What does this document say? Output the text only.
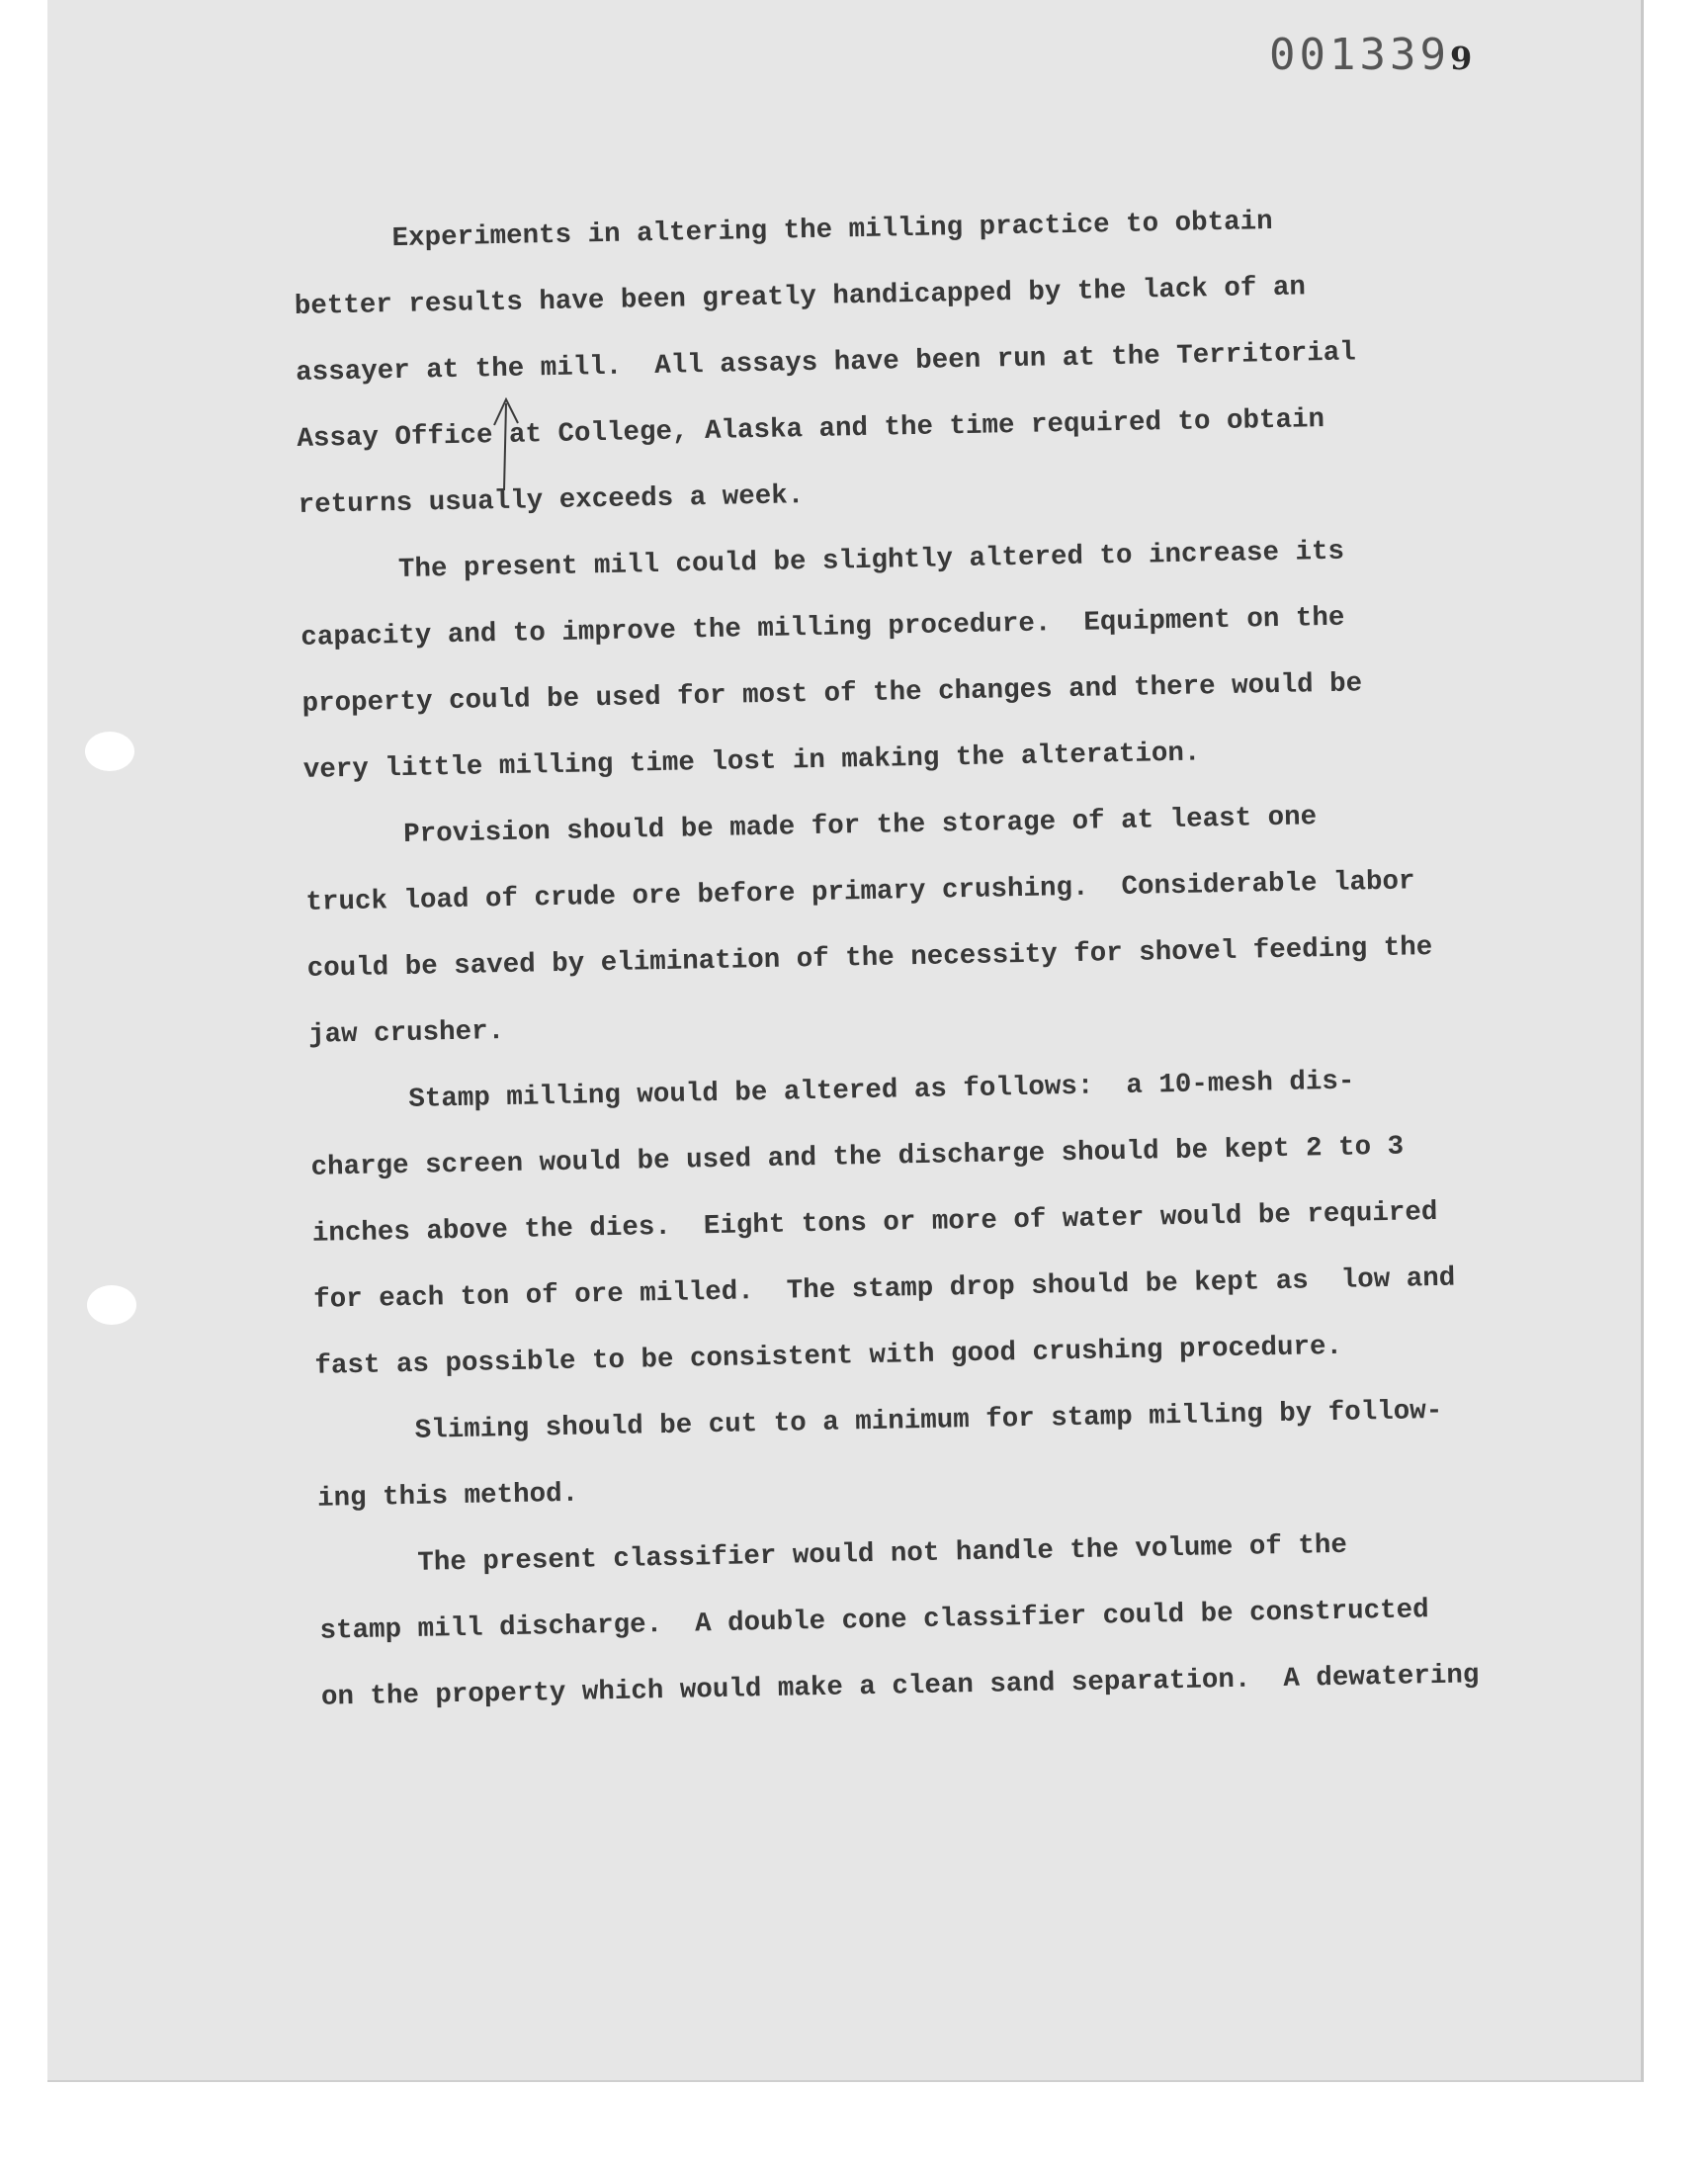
0013399
Experiments in altering the milling practice to obtain
better results have been greatly handicapped by the lack of an
assayer at the mill.  All assays have been run at the Territorial
Assay Office at College, Alaska and the time required to obtain
returns usually exceeds a week.
The present mill could be slightly altered to increase its
capacity and to improve the milling procedure.  Equipment on the
property could be used for most of the changes and there would be
very little milling time lost in making the alteration.
Provision should be made for the storage of at least one
truck load of crude ore before primary crushing.  Considerable labor
could be saved by elimination of the necessity for shovel feeding the
jaw crusher.
Stamp milling would be altered as follows:  a 10-mesh dis-
charge screen would be used and the discharge should be kept 2 to 3
inches above the dies.  Eight tons or more of water would be required
for each ton of ore milled.  The stamp drop should be kept as  low and
fast as possible to be consistent with good crushing procedure.
Sliming should be cut to a minimum for stamp milling by follow-
ing this method.
The present classifier would not handle the volume of the
stamp mill discharge.  A double cone classifier could be constructed
on the property which would make a clean sand separation.  A dewatering
